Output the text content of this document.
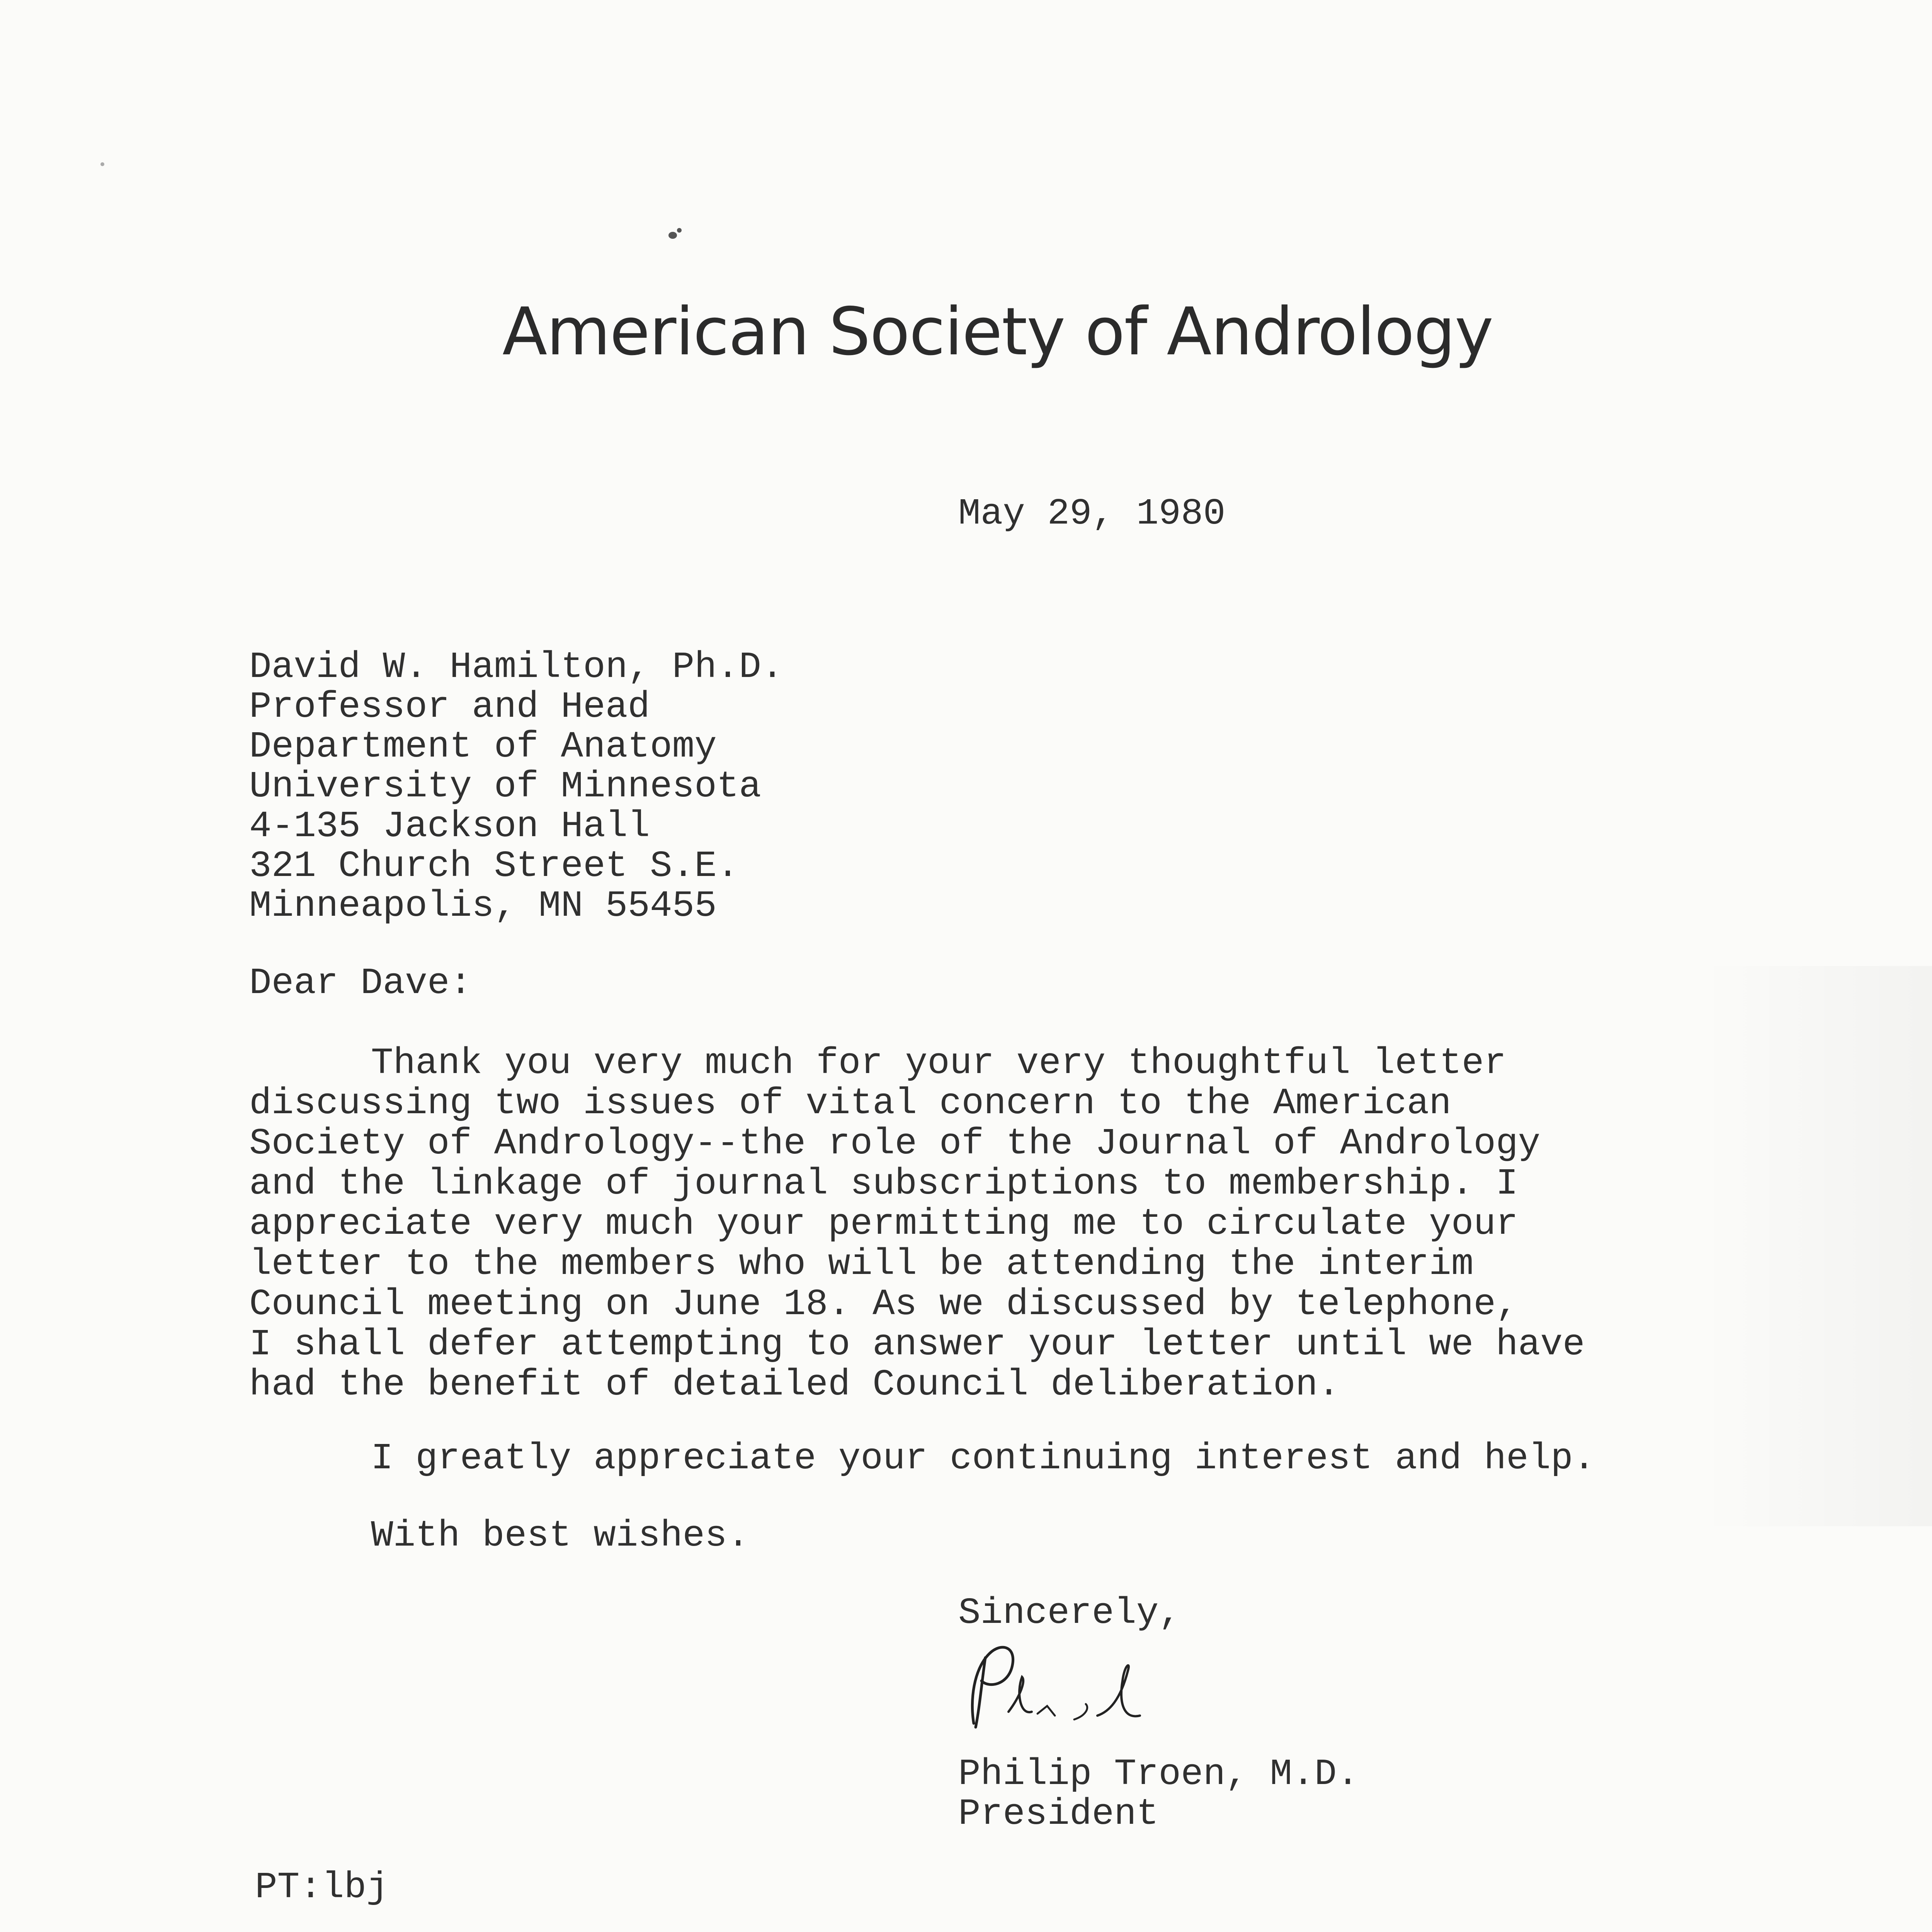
American Society of Andrology
May 29, 1980
David W. Hamilton, Ph.D.
Professor and Head
Department of Anatomy
University of Minnesota
4-135 Jackson Hall
321 Church Street S.E.
Minneapolis, MN 55455
Dear Dave:
Thank you very much for your very thoughtful letter
discussing two issues of vital concern to the American
Society of Andrology--the role of the Journal of Andrology
and the linkage of journal subscriptions to membership. I
appreciate very much your permitting me to circulate your
letter to the members who will be attending the interim
Council meeting on June 18. As we discussed by telephone,
I shall defer attempting to answer your letter until we have
had the benefit of detailed Council deliberation.
I greatly appreciate your continuing interest and help.
With best wishes.
Sincerely,
Philip Troen, M.D.
President
PT:lbj
